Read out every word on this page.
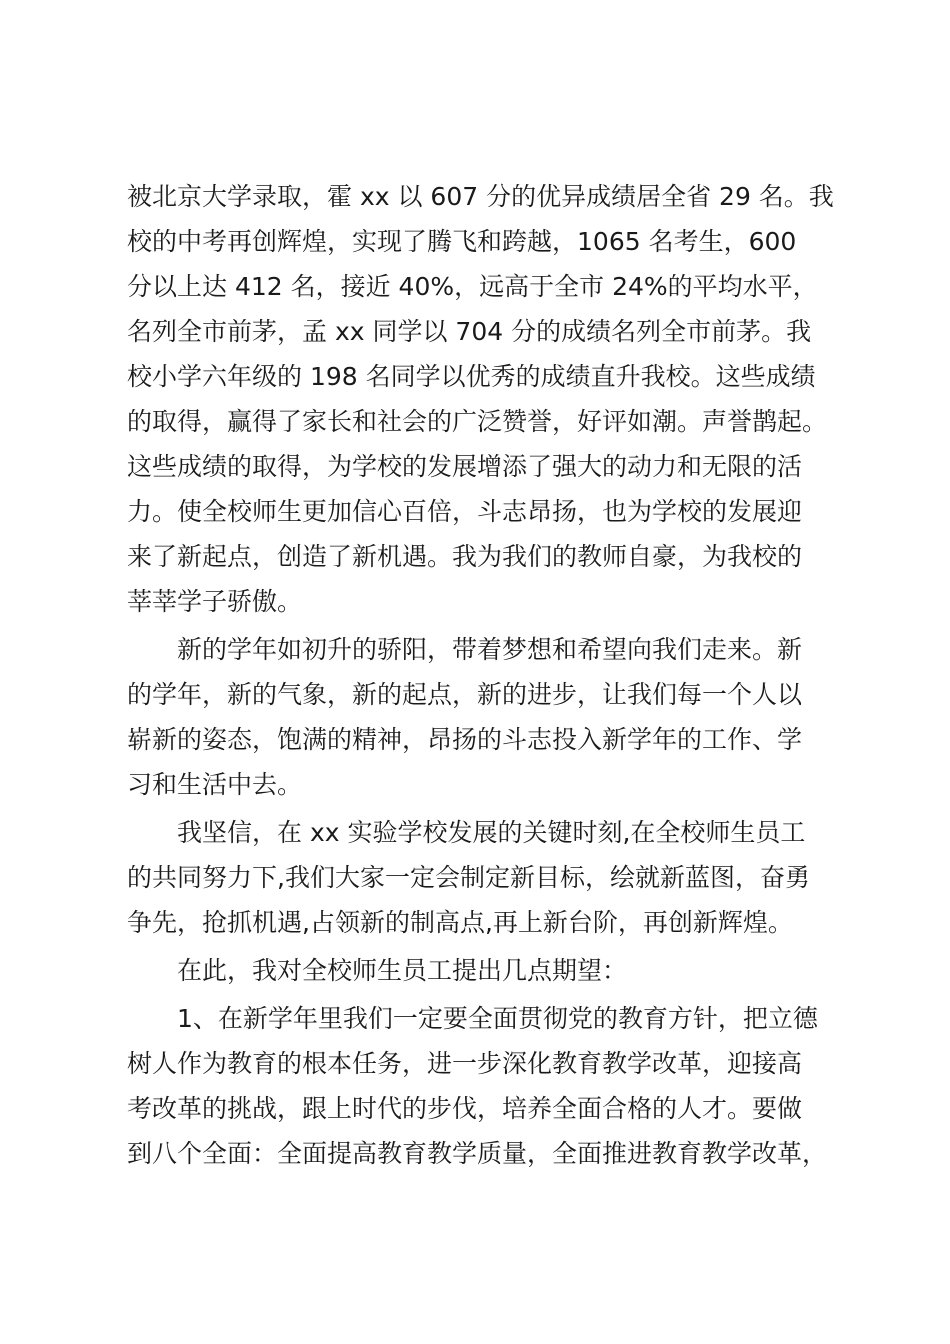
被北京大学录取，霍 xx 以 607 分的优异成绩居全省 29 名。我
校的中考再创辉煌，实现了腾飞和跨越，1065 名考生，600
分以上达 412 名，接近 40%，远高于全市 24%的平均水平，
名列全市前茅，孟 xx 同学以 704 分的成绩名列全市前茅。我
校小学六年级的 198 名同学以优秀的成绩直升我校。这些成绩
的取得，赢得了家长和社会的广泛赞誉，好评如潮。声誉鹊起。
这些成绩的取得，为学校的发展增添了强大的动力和无限的活
力。使全校师生更加信心百倍，斗志昂扬，也为学校的发展迎
来了新起点，创造了新机遇。我为我们的教师自豪，为我校的
莘莘学子骄傲。
新的学年如初升的骄阳，带着梦想和希望向我们走来。新
的学年，新的气象，新的起点，新的进步，让我们每一个人以
崭新的姿态，饱满的精神，昂扬的斗志投入新学年的工作、学
习和生活中去。
我坚信，在 xx 实验学校发展的关键时刻,在全校师生员工
的共同努力下,我们大家一定会制定新目标，绘就新蓝图，奋勇
争先，抢抓机遇,占领新的制高点,再上新台阶，再创新辉煌。
在此，我对全校师生员工提出几点期望：
1、在新学年里我们一定要全面贯彻党的教育方针，把立德
树人作为教育的根本任务，进一步深化教育教学改革，迎接高
考改革的挑战，跟上时代的步伐，培养全面合格的人才。要做
到八个全面：全面提高教育教学质量，全面推进教育教学改革，
